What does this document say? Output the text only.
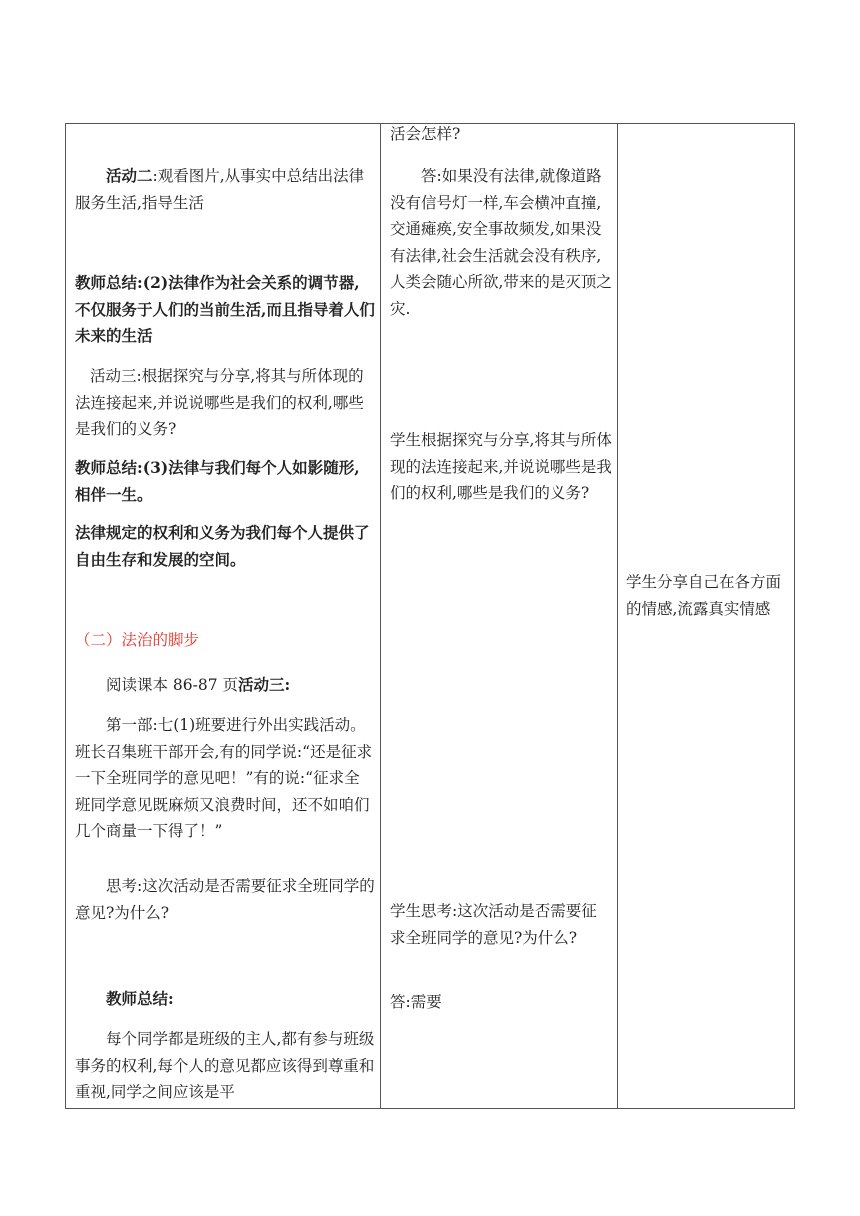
活动二:观看图片,从事实中总结出法律服务生活,指导生活

教师总结:(2)法律作为社会关系的调节器,不仅服务于人们的当前生活,而且指导着人们未来的生活

活动三:根据探究与分享,将其与所体现的法连接起来,并说说哪些是我们的权利,哪些是我们的义务?

教师总结:(3)法律与我们每个人如影随形,相伴一生。

法律规定的权利和义务为我们每个人提供了自由生存和发展的空间。

（二）法治的脚步

阅读课本 86-87 页活动三:

第一部:七(1)班要进行外出实践活动。班长召集班干部开会,有的同学说:“还是征求一下全班同学的意见吧！”有的说:“征求全班同学意见既麻烦又浪费时间，还不如咱们几个商量一下得了！”

思考:这次活动是否需要征求全班同学的意见?为什么?

教师总结:

每个同学都是班级的主人,都有参与班级事务的权利,每个人的意见都应该得到尊重和重视,同学之间应该是平

活会怎样?

答:如果没有法律,就像道路没有信号灯一样,车会横冲直撞,交通瘫痪,安全事故频发,如果没有法律,社会生活就会没有秩序,人类会随心所欲,带来的是灭顶之灾.

学生根据探究与分享,将其与所体现的法连接起来,并说说哪些是我们的权利,哪些是我们的义务?

学生思考:这次活动是否需要征求全班同学的意见?为什么?

答:需要

学生分享自己在各方面的情感,流露真实情感
